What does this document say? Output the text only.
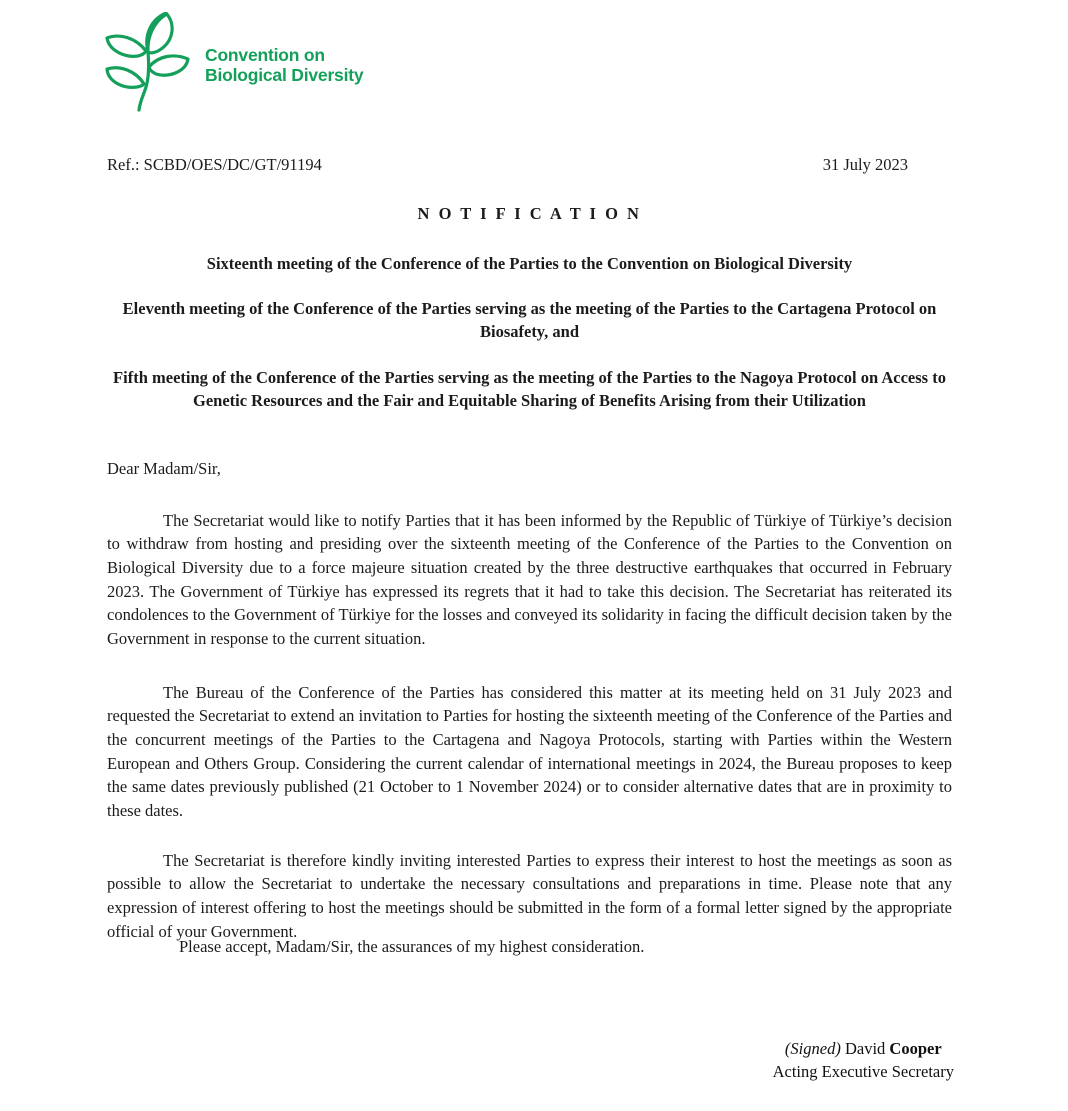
Convention on
Biological Diversity
Ref.: SCBD/OES/DC/GT/91194	31 July 2023
N O T I F I C A T I O N
Sixteenth meeting of the Conference of the Parties to the Convention on Biological Diversity
Eleventh meeting of the Conference of the Parties serving as the meeting of the Parties to the Cartagena Protocol on Biosafety, and
Fifth meeting of the Conference of the Parties serving as the meeting of the Parties to the Nagoya Protocol on Access to Genetic Resources and the Fair and Equitable Sharing of Benefits Arising from their Utilization
Dear Madam/Sir,

The Secretariat would like to notify Parties that it has been informed by the Republic of Türkiye of Türkiye’s decision to withdraw from hosting and presiding over the sixteenth meeting of the Conference of the Parties to the Convention on Biological Diversity due to a force majeure situation created by the three destructive earthquakes that occurred in February 2023. The Government of Türkiye has expressed its regrets that it had to take this decision. The Secretariat has reiterated its condolences to the Government of Türkiye for the losses and conveyed its solidarity in facing the difficult decision taken by the Government in response to the current situation.

The Bureau of the Conference of the Parties has considered this matter at its meeting held on 31 July 2023 and requested the Secretariat to extend an invitation to Parties for hosting the sixteenth meeting of the Conference of the Parties and the concurrent meetings of the Parties to the Cartagena and Nagoya Protocols, starting with Parties within the Western European and Others Group. Considering the current calendar of international meetings in 2024, the Bureau proposes to keep the same dates previously published (21 October to 1 November 2024) or to consider alternative dates that are in proximity to these dates.

The Secretariat is therefore kindly inviting interested Parties to express their interest to host the meetings as soon as possible to allow the Secretariat to undertake the necessary consultations and preparations in time. Please note that any expression of interest offering to host the meetings should be submitted in the form of a formal letter signed by the appropriate official of your Government.

Please accept, Madam/Sir, the assurances of my highest consideration.
(Signed) David Cooper
Acting Executive Secretary
